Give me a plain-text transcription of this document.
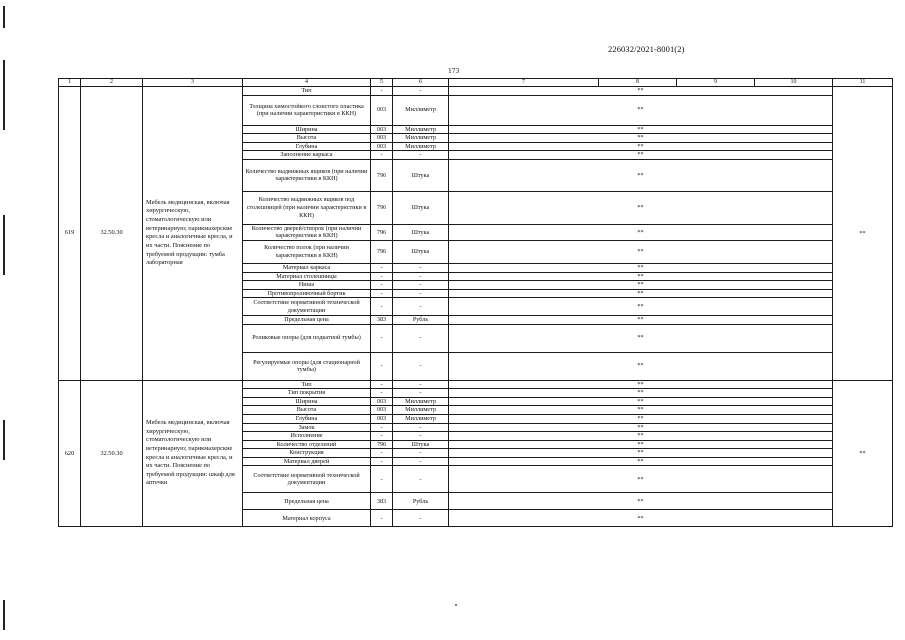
226032/2021-8001(2)
173
1	2	3	4	5	6	7	8	9	10	11
619	32.50.30	Мебель медицинская, включая хирургическую, стоматологическую или ветеринарную; парикмахерские кресла и аналогичные кресла, и их части. Пояснение по требуемой продукции: тумба лабораторная	Тип	-	-	**				**
			Толщина химостойкого слоистого пластика (при наличии характеристики в ККН)	003	Миллиметр	**				
			Ширина	003	Миллиметр	**				
			Высота	003	Миллиметр	**				
			Глубина	003	Миллиметр	**				
			Заполнение каркаса	-	-	**				
			Количество выдвижных ящиков (при наличии характеристики в ККН)	796	Штука	**				
			Количество выдвижных ящиков под столешницей (при наличии характеристики в ККН)	796	Штука	**				
			Количество дверей/створок (при наличии характеристики в ККН)	796	Штука	**				
			Количество полок (при наличии характеристики в ККН)	796	Штука	**				
			Материал каркаса	-	-	**				
			Материал столешницы	-	-	**				
			Ниша	-	-	**				
			Противопроливочный бортик	-	-	**				
			Соответствие нормативной технической документации	-	-	**				
			Предельная цена	383	Рубль	**				
			Роликовые опоры (для подкатной тумбы)	-	-	**				
			Регулируемые опоры (для стационарной тумбы)	-	-	**				
620	32.50.30	Мебель медицинская, включая хирургическую, стоматологическую или ветеринарную; парикмахерские кресла и аналогичные кресла, и их части. Пояснение по требуемой продукции: шкаф для аптечки	Тип	-	-	**				**
			Тип покрытия	-	-	**				
			Ширина	003	Миллиметр	**				
			Высота	003	Миллиметр	**				
			Глубина	003	Миллиметр	**				
			Замок	-	-	**				
			Исполнение	-	-	**				
			Количество отделений	796	Штука	**				
			Конструкция	-	-	**				
			Материал дверей	-	-	**				
			Соответствие нормативной технической документации	-	-	**				
			Предельная цена	383	Рубль	**				
			Материал корпуса	-	-	**				
